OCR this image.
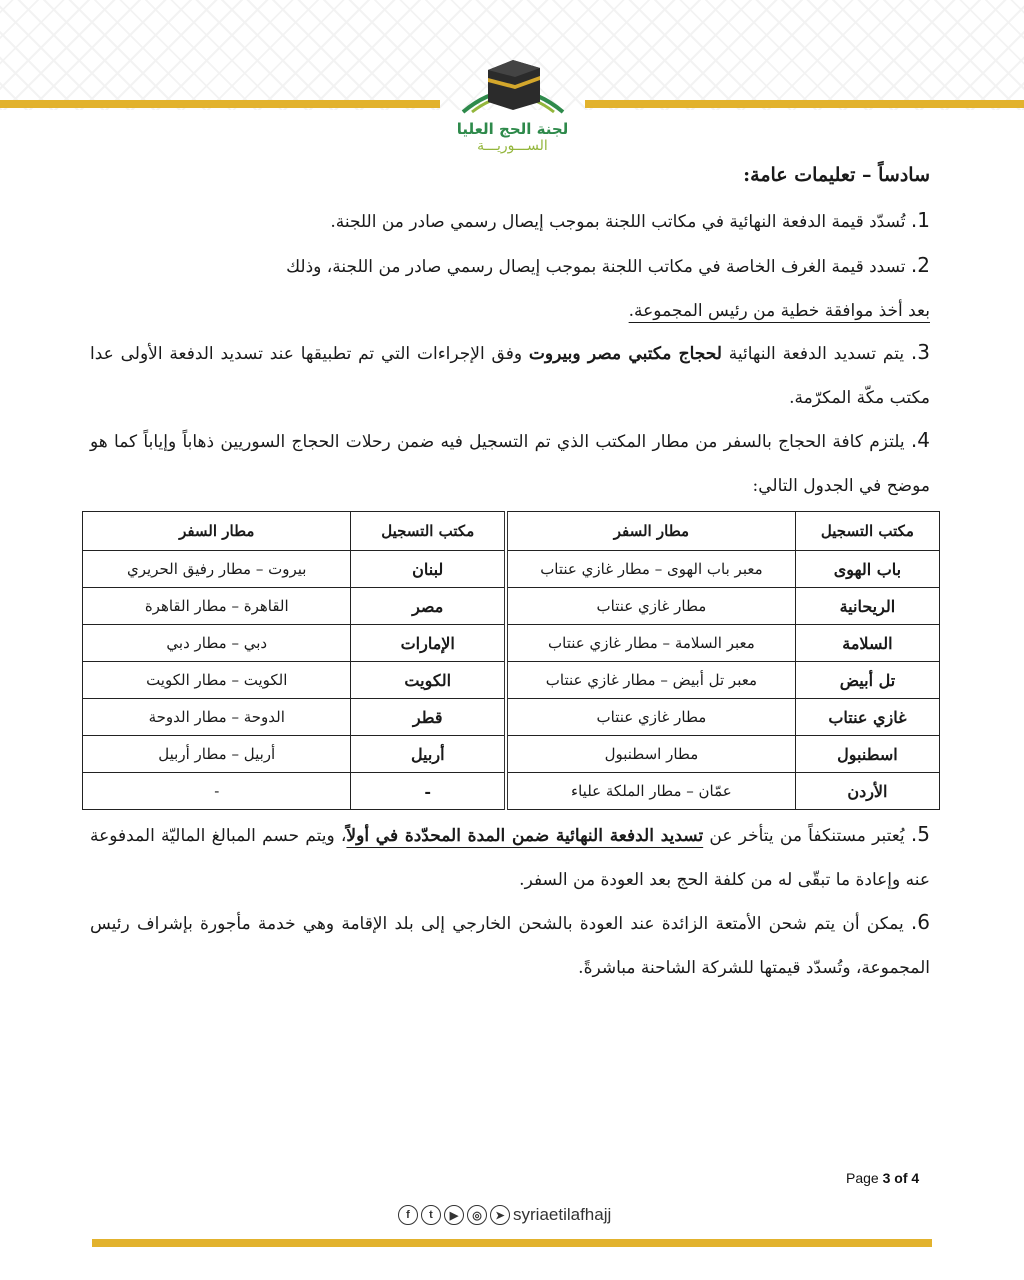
لجنة الحج العليا
الســـوريـــة
سادساً – تعليمات عامة:
1. تُسدّد قيمة الدفعة النهائية في مكاتب اللجنة بموجب إيصال رسمي صادر من اللجنة.
2. تسدد قيمة الغرف الخاصة في مكاتب اللجنة بموجب إيصال رسمي صادر من اللجنة، وذلك
بعد أخذ موافقة خطية من رئيس المجموعة.
3. يتم تسديد الدفعة النهائية لحجاج مكتبي مصر وبيروت وفق الإجراءات التي تم تطبيقها عند تسديد الدفعة الأولى عدا مكتب مكّة المكرّمة.
4. يلتزم كافة الحجاج بالسفر من مطار المكتب الذي تم التسجيل فيه ضمن رحلات الحجاج السوريين ذهاباً وإياباً كما هو موضح في الجدول التالي:
مكتب التسجيل	مطار السفر	مكتب التسجيل	مطار السفر
باب الهوى	معبر باب الهوى – مطار غازي عنتاب	لبنان	بيروت – مطار رفيق الحريري
الريحانية	مطار غازي عنتاب	مصر	القاهرة – مطار القاهرة
السلامة	معبر السلامة – مطار غازي عنتاب	الإمارات	دبي – مطار دبي
تل أبيض	معبر تل أبيض – مطار غازي عنتاب	الكويت	الكويت – مطار الكويت
غازي عنتاب	مطار غازي عنتاب	قطر	الدوحة – مطار الدوحة
اسطنبول	مطار اسطنبول	أربيل	أربيل – مطار أربيل
الأردن	عمّان – مطار الملكة علياء	-	-
5. يُعتبر مستنكفاً من يتأخر عن تسديد الدفعة النهائية ضمن المدة المحدّدة في أولاً، ويتم حسم المبالغ الماليّة المدفوعة عنه وإعادة ما تبقّى له من كلفة الحج بعد العودة من السفر.
6. يمكن أن يتم شحن الأمتعة الزائدة عند العودة بالشحن الخارجي إلى بلد الإقامة وهي خدمة مأجورة بإشراف رئيس المجموعة، وتُسدّد قيمتها للشركة الشاحنة مباشرةً.
Page 3 of 4
f	t	▶	◎	➤ syriaetilafhajj
